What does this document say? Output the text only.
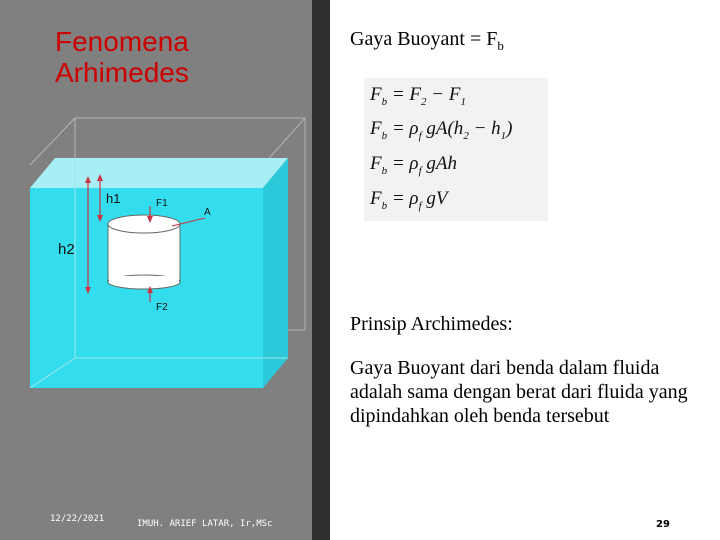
Fenomena Arhimedes
h1
h2
F1
A
F2
Gaya Buoyant = $F_b$
$F_b = F_2 - F_1$
$F_b = \rho_f$ $gA(h_2 - h_1)$
$F_b = \rho_f$ gAh
$F_b = \rho_f$ gV
Prinsip Archimedes:
Gaya Buoyant dari benda dalam fluida adalah sama dengan berat dari fluida yang dipindahkan oleh benda tersebut
12/22/2021	IMUH. ARIEF LATAR, Ir,MSc	29
